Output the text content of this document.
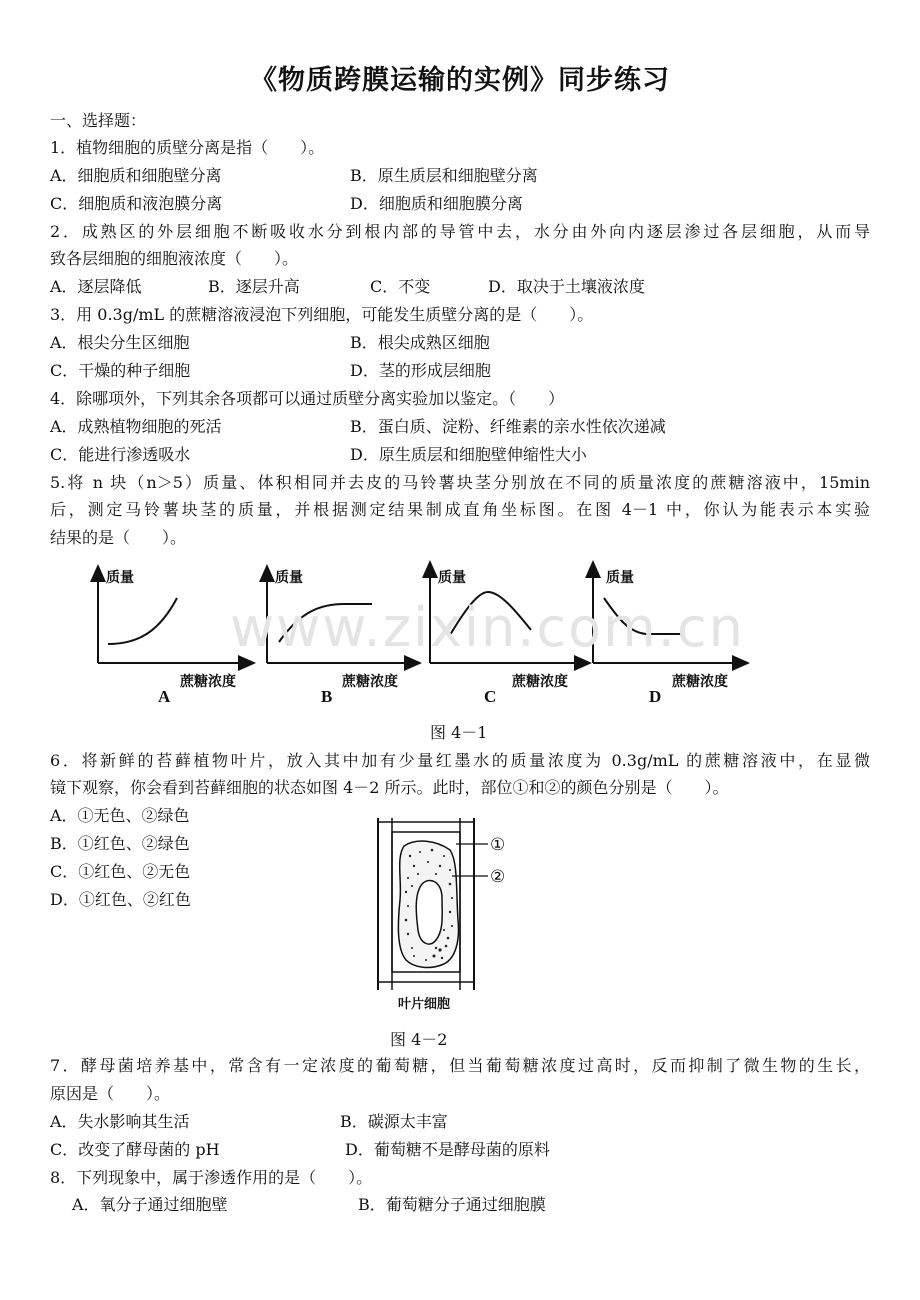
《物质跨膜运输的实例》同步练习
一、选择题：
1．植物细胞的质壁分离是指（　　）。
A．细胞质和细胞壁分离	B．原生质层和细胞壁分离
C．细胞质和液泡膜分离	D．细胞质和细胞膜分离
2．成熟区的外层细胞不断吸收水分到根内部的导管中去，水分由外向内逐层渗过各层细胞，从而导
致各层细胞的细胞液浓度（　　）。
A．逐层降低	B．逐层升高	C．不变	D．取决于土壤液浓度
3．用 0.3g/mL 的蔗糖溶液浸泡下列细胞，可能发生质壁分离的是（　　）。
A．根尖分生区细胞	B．根尖成熟区细胞
C．干燥的种子细胞	D．茎的形成层细胞
4．除哪项外，下列其余各项都可以通过质壁分离实验加以鉴定。（　　）
A．成熟植物细胞的死活	B．蛋白质、淀粉、纤维素的亲水性依次递减
C．能进行渗透吸水	D．原生质层和细胞壁伸缩性大小
5.将 n 块（n＞5）质量、体积相同并去皮的马铃薯块茎分别放在不同的质量浓度的蔗糖溶液中，15min
后，测定马铃薯块茎的质量，并根据测定结果制成直角坐标图。在图 4－1 中，你认为能表示本实验
结果的是（　　）。
质量
蔗糖浓度
A
质量
蔗糖浓度
B
质量
蔗糖浓度
C
质量
蔗糖浓度
D
www.zixin.com.cn
图 4－1
6．将新鲜的苔藓植物叶片，放入其中加有少量红墨水的质量浓度为 0.3g/mL 的蔗糖溶液中，在显微
镜下观察，你会看到苔藓细胞的状态如图 4－2 所示。此时，部位①和②的颜色分别是（　　）。
A．①无色、②绿色
B．①红色、②绿色
C．①红色、②无色
D．①红色、②红色
①
②
叶片细胞
图 4－2
7．酵母菌培养基中，常含有一定浓度的葡萄糖，但当葡萄糖浓度过高时，反而抑制了微生物的生长，
原因是（　　）。
A．失水影响其生活	B．碳源太丰富
C．改变了酵母菌的 pH	D．葡萄糖不是酵母菌的原料
8．下列现象中，属于渗透作用的是（　　）。
A．氧分子通过细胞壁	B．葡萄糖分子通过细胞膜
